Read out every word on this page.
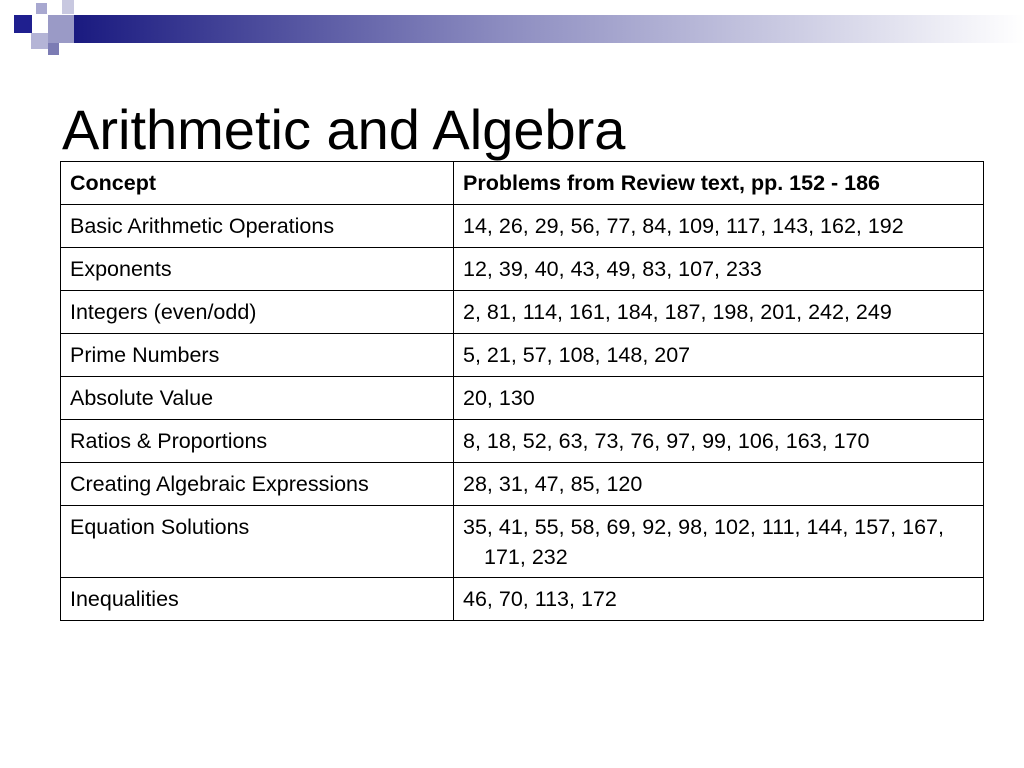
Arithmetic and Algebra
Concept	Problems from Review text, pp. 152 - 186
Basic Arithmetic Operations	14, 26, 29, 56, 77, 84, 109, 117, 143, 162, 192
Exponents	12, 39, 40, 43, 49, 83, 107, 233
Integers (even/odd)	2, 81, 114, 161, 184, 187, 198, 201, 242, 249
Prime Numbers	5, 21, 57, 108, 148, 207
Absolute Value	20, 130
Ratios & Proportions	8, 18, 52, 63, 73, 76, 97, 99, 106, 163, 170
Creating Algebraic Expressions	28, 31, 47, 85, 120
Equation Solutions	35, 41, 55, 58, 69, 92, 98, 102, 111, 144, 157, 167, 171, 232
Inequalities	46, 70, 113, 172
